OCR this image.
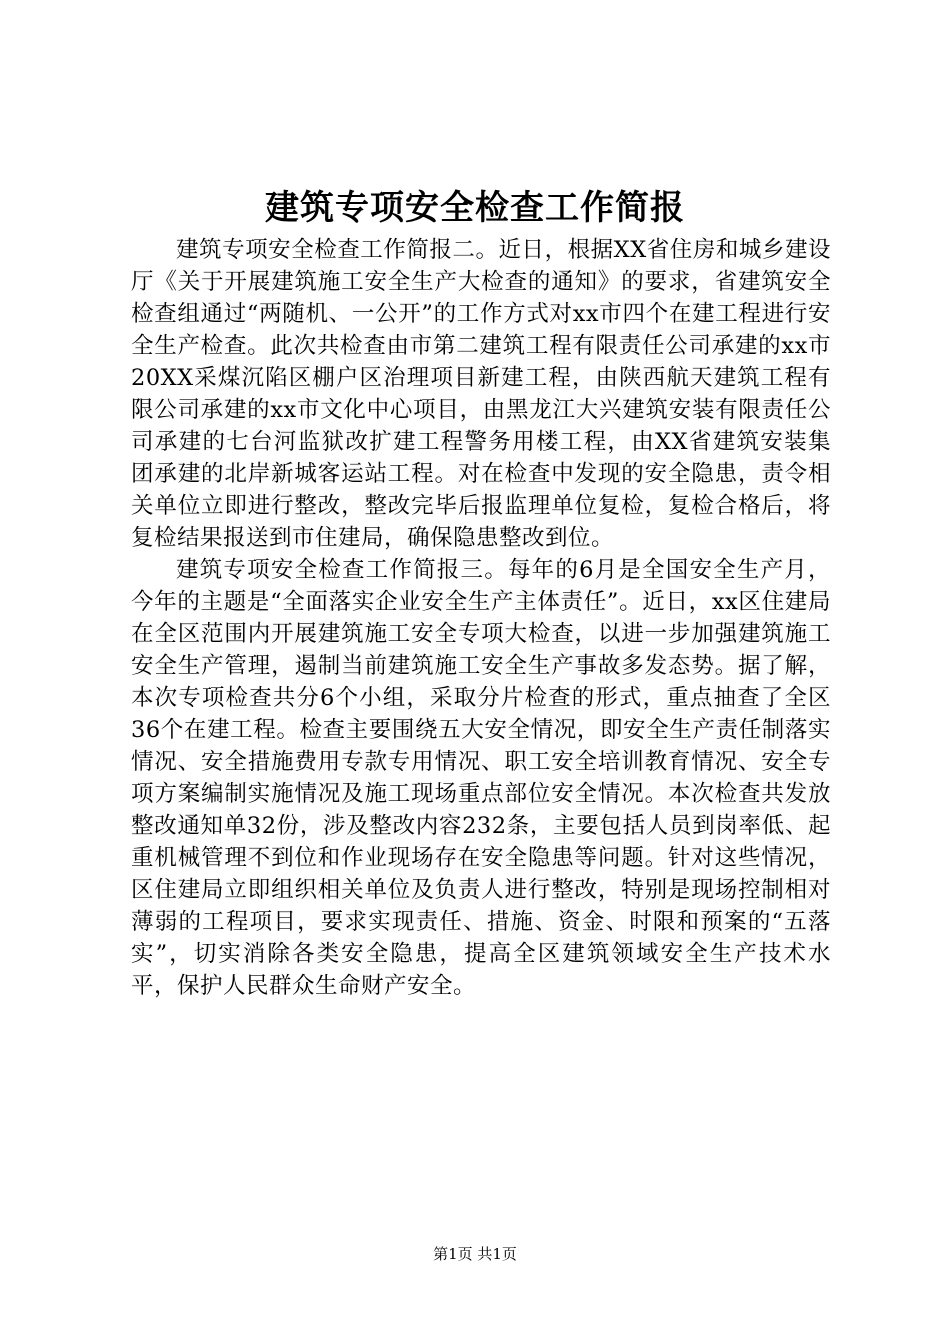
建筑专项安全检查工作简报

建筑专项安全检查工作简报二。近日，根据XX省住房和城乡建设厅《关于开展建筑施工安全生产大检查的通知》的要求，省建筑安全检查组通过“两随机、一公开”的工作方式对xx市四个在建工程进行安全生产检查。此次共检查由市第二建筑工程有限责任公司承建的xx市20XX采煤沉陷区棚户区治理项目新建工程，由陕西航天建筑工程有限公司承建的xx市文化中心项目，由黑龙江大兴建筑安装有限责任公司承建的七台河监狱改扩建工程警务用楼工程，由XX省建筑安装集团承建的北岸新城客运站工程。对在检查中发现的安全隐患，责令相关单位立即进行整改，整改完毕后报监理单位复检，复检合格后，将复检结果报送到市住建局，确保隐患整改到位。

建筑专项安全检查工作简报三。每年的6月是全国安全生产月，今年的主题是“全面落实企业安全生产主体责任”。近日，xx区住建局在全区范围内开展建筑施工安全专项大检查，以进一步加强建筑施工安全生产管理，遏制当前建筑施工安全生产事故多发态势。据了解，本次专项检查共分6个小组，采取分片检查的形式，重点抽查了全区36个在建工程。检查主要围绕五大安全情况，即安全生产责任制落实情况、安全措施费用专款专用情况、职工安全培训教育情况、安全专项方案编制实施情况及施工现场重点部位安全情况。本次检查共发放整改通知单32份，涉及整改内容232条，主要包括人员到岗率低、起重机械管理不到位和作业现场存在安全隐患等问题。针对这些情况，区住建局立即组织相关单位及负责人进行整改，特别是现场控制相对薄弱的工程项目，要求实现责任、措施、资金、时限和预案的“五落实”，切实消除各类安全隐患，提高全区建筑领域安全生产技术水平，保护人民群众生命财产安全。

第1页 共1页
